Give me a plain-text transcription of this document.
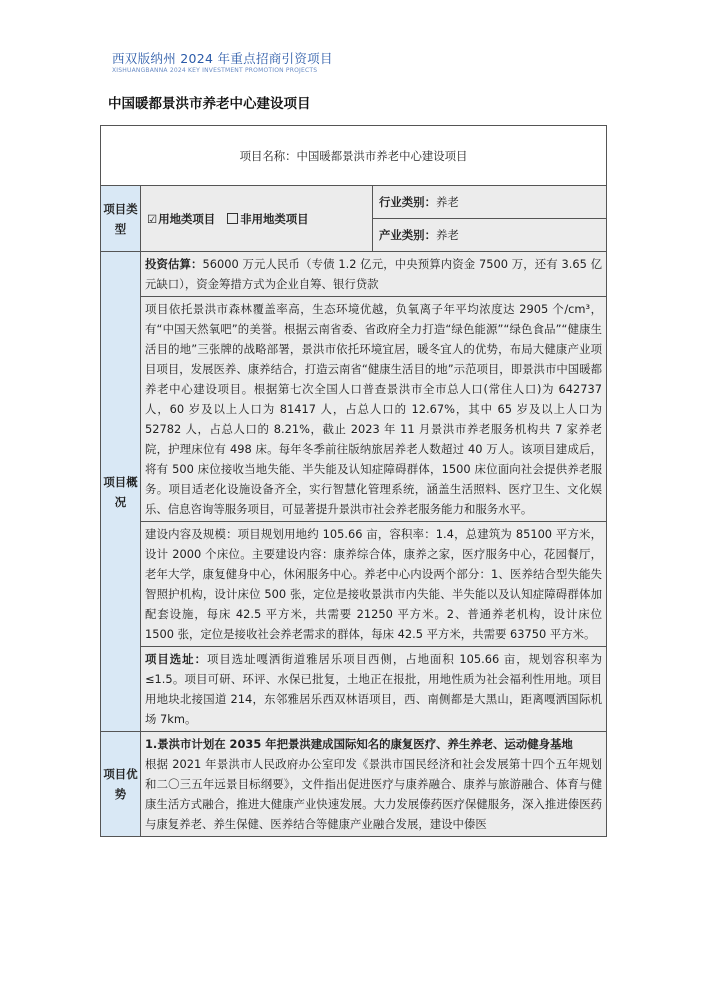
西双版纳州 2024 年重点招商引资项目
XISHUANGBANNA 2024 KEY INVESTMENT PROMOTION PROJECTS
中国暖都景洪市养老中心建设项目
项目名称：中国暖都景洪市养老中心建设项目		
项目类型	☑用地类项目 非用地类项目	行业类别：养老
		产业类别：养老
项目概况	投资估算：56000 万元人民币（专债 1.2 亿元，中央预算内资金 7500 万，还有 3.65 亿元缺口），资金筹措方式为企业自筹、银行贷款	
	项目依托景洪市森林覆盖率高，生态环境优越，负氧离子年平均浓度达 2905 个/cm³，有“中国天然氧吧”的美誉。根据云南省委、省政府全力打造“绿色能源”“绿色食品”“健康生活目的地”三张牌的战略部署，景洪市依托环境宜居，暖冬宜人的优势，布局大健康产业项目项目，发展医养、康养结合，打造云南省“健康生活目的地”示范项目，即景洪市中国暖都养老中心建设项目。根据第七次全国人口普查景洪市全市总人口(常住人口)为 642737 人，60 岁及以上人口为 81417 人，占总人口的 12.67%，其中 65 岁及以上人口为 52782 人，占总人口的 8.21%，截止 2023 年 11 月景洪市养老服务机构共 7 家养老院，护理床位有 498 床。每年冬季前往版纳旅居养老人数超过 40 万人。该项目建成后，将有 500 床位接收当地失能、半失能及认知症障碍群体，1500 床位面向社会提供养老服务。项目适老化设施设备齐全，实行智慧化管理系统，涵盖生活照料、医疗卫生、文化娱乐、信息咨询等服务项目，可显著提升景洪市社会养老服务能力和服务水平。	
	建设内容及规模：项目规划用地约 105.66 亩，容积率：1.4，总建筑为 85100 平方米，设计 2000 个床位。主要建设内容：康养综合体，康养之家，医疗服务中心，花园餐厅，老年大学，康复健身中心，休闲服务中心。养老中心内设两个部分：1、医养结合型失能失智照护机构，设计床位 500 张，定位是接收景洪市内失能、半失能以及认知症障碍群体加配套设施，每床 42.5 平方米，共需要 21250 平方米。2、普通养老机构，设计床位 1500 张，定位是接收社会养老需求的群体，每床 42.5 平方米，共需要 63750 平方米。	
	项目选址：项目选址嘎洒街道雅居乐项目西侧，占地面积 105.66 亩，规划容积率为≤1.5。项目可研、环评、水保已批复，土地正在报批，用地性质为社会福利性用地。项目用地块北接国道 214，东邻雅居乐西双林语项目，西、南侧都是大黑山，距离嘎洒国际机场 7km。	
项目优势	1.景洪市计划在 2035 年把景洪建成国际知名的康复医疗、养生养老、运动健身基地
根据 2021 年景洪市人民政府办公室印发《景洪市国民经济和社会发展第十四个五年规划和二〇三五年远景目标纲要》，文件指出促进医疗与康养融合、康养与旅游融合、体育与健康生活方式融合，推进大健康产业快速发展。大力发展傣药医疗保健服务，深入推进傣医药与康复养老、养生保健、医养结合等健康产业融合发展，建设中傣医	
